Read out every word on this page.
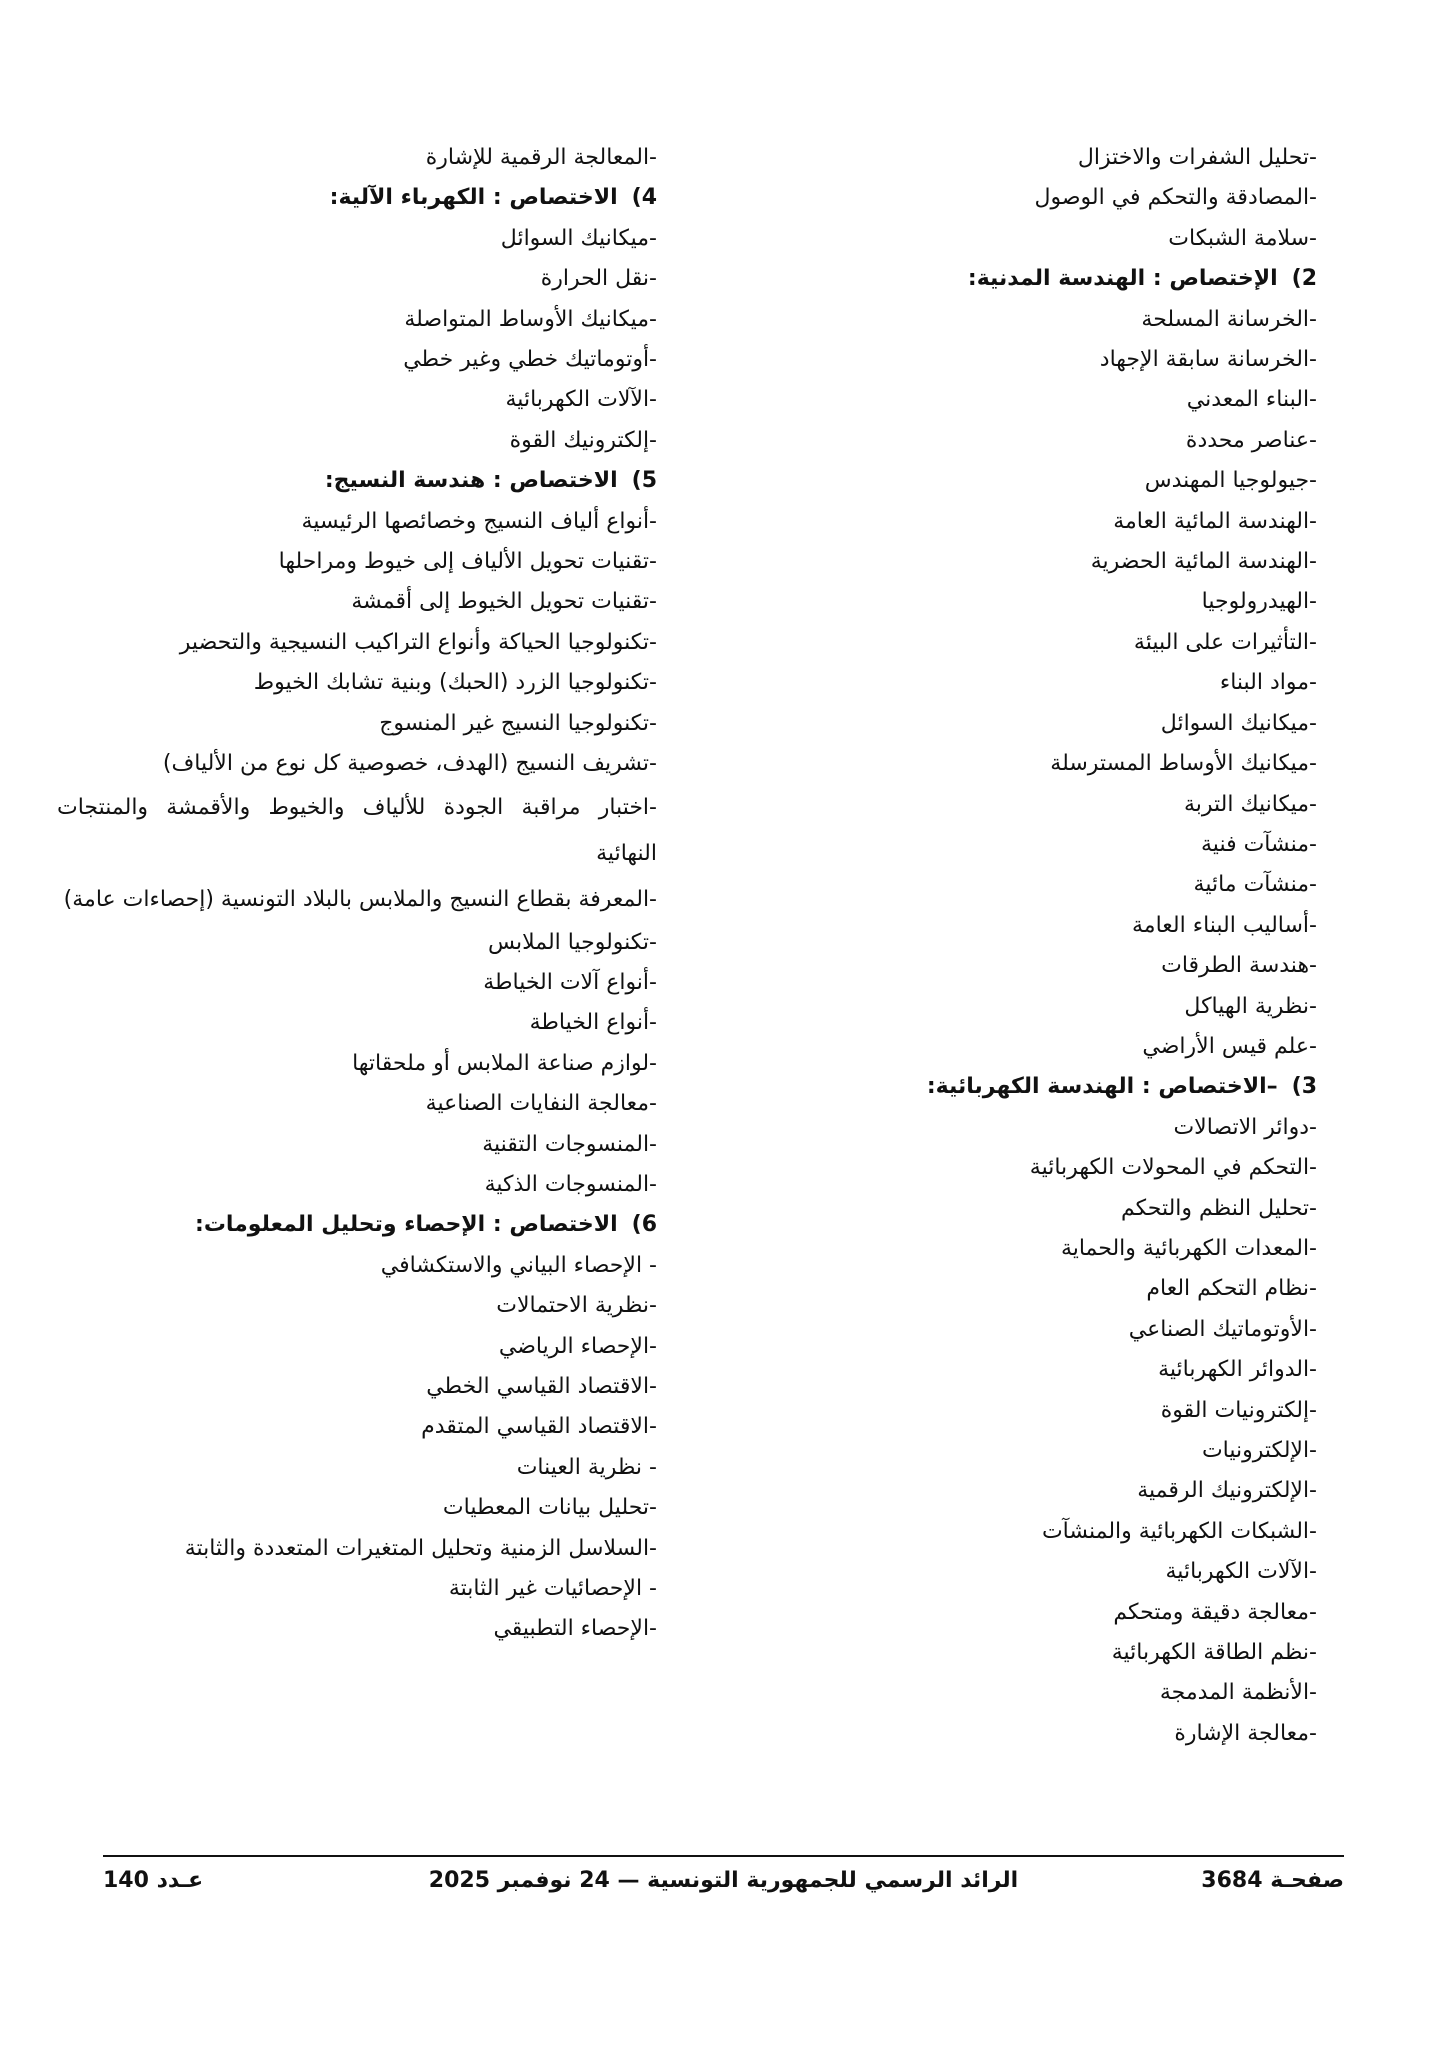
-تحليل الشفرات والاختزال
-المصادقة والتحكم في الوصول
-سلامة الشبكات
2)الإختصاص : الهندسة المدنية:
-الخرسانة المسلحة
-الخرسانة سابقة الإجهاد
-البناء المعدني
-عناصر محددة
-جيولوجيا المهندس
-الهندسة المائية العامة
-الهندسة المائية الحضرية
-الهيدرولوجيا
-التأثيرات على البيئة
-مواد البناء
-ميكانيك السوائل
-ميكانيك الأوساط المسترسلة
-ميكانيك التربة
-منشآت فنية
-منشآت مائية
-أساليب البناء العامة
-هندسة الطرقات
-نظرية الهياكل
-علم قيس الأراضي
3)–الاختصاص : الهندسة الكهربائية:
-دوائر الاتصالات
-التحكم في المحولات الكهربائية
-تحليل النظم والتحكم
-المعدات الكهربائية والحماية
-نظام التحكم العام
-الأوتوماتيك الصناعي
-الدوائر الكهربائية
-إلكترونيات القوة
-الإلكترونيات
-الإلكترونيك الرقمية
-الشبكات الكهربائية والمنشآت
-الآلات الكهربائية
-معالجة دقيقة ومتحكم
-نظم الطاقة الكهربائية
-الأنظمة المدمجة
-معالجة الإشارة
-المعالجة الرقمية للإشارة
4)الاختصاص : الكهرباء الآلية:
-ميكانيك السوائل
-نقل الحرارة
-ميكانيك الأوساط المتواصلة
-أوتوماتيك خطي وغير خطي
-الآلات الكهربائية
-إلكترونيك القوة
5)الاختصاص : هندسة النسيج:
-أنواع ألياف النسيج وخصائصها الرئيسية
-تقنيات تحويل الألياف إلى خيوط ومراحلها
-تقنيات تحويل الخيوط إلى أقمشة
-تكنولوجيا الحياكة وأنواع التراكيب النسيجية والتحضير
-تكنولوجيا الزرد (الحبك) وبنية تشابك الخيوط
-تكنولوجيا النسيج غير المنسوج
-تشريف النسيج (الهدف، خصوصية كل نوع من الألياف)
-اختبار مراقبة الجودة للألياف والخيوط والأقمشة والمنتجات النهائية
-المعرفة بقطاع النسيج والملابس بالبلاد التونسية (إحصاءات عامة)
-تكنولوجيا الملابس
-أنواع آلات الخياطة
-أنواع الخياطة
-لوازم صناعة الملابس أو ملحقاتها
-معالجة النفايات الصناعية
-المنسوجات التقنية
-المنسوجات الذكية
6)الاختصاص : الإحصاء وتحليل المعلومات:
- الإحصاء البياني والاستكشافي
-نظرية الاحتمالات
-الإحصاء الرياضي
-الاقتصاد القياسي الخطي
-الاقتصاد القياسي المتقدم
- نظرية العينات
-تحليل بيانات المعطيات
-السلاسل الزمنية وتحليل المتغيرات المتعددة والثابتة
- الإحصائيات غير الثابتة
-الإحصاء التطبيقي
صفحـة 3684
الرائد الرسمي للجمهورية التونسية — 24 نوفمبر 2025
عـدد 140
